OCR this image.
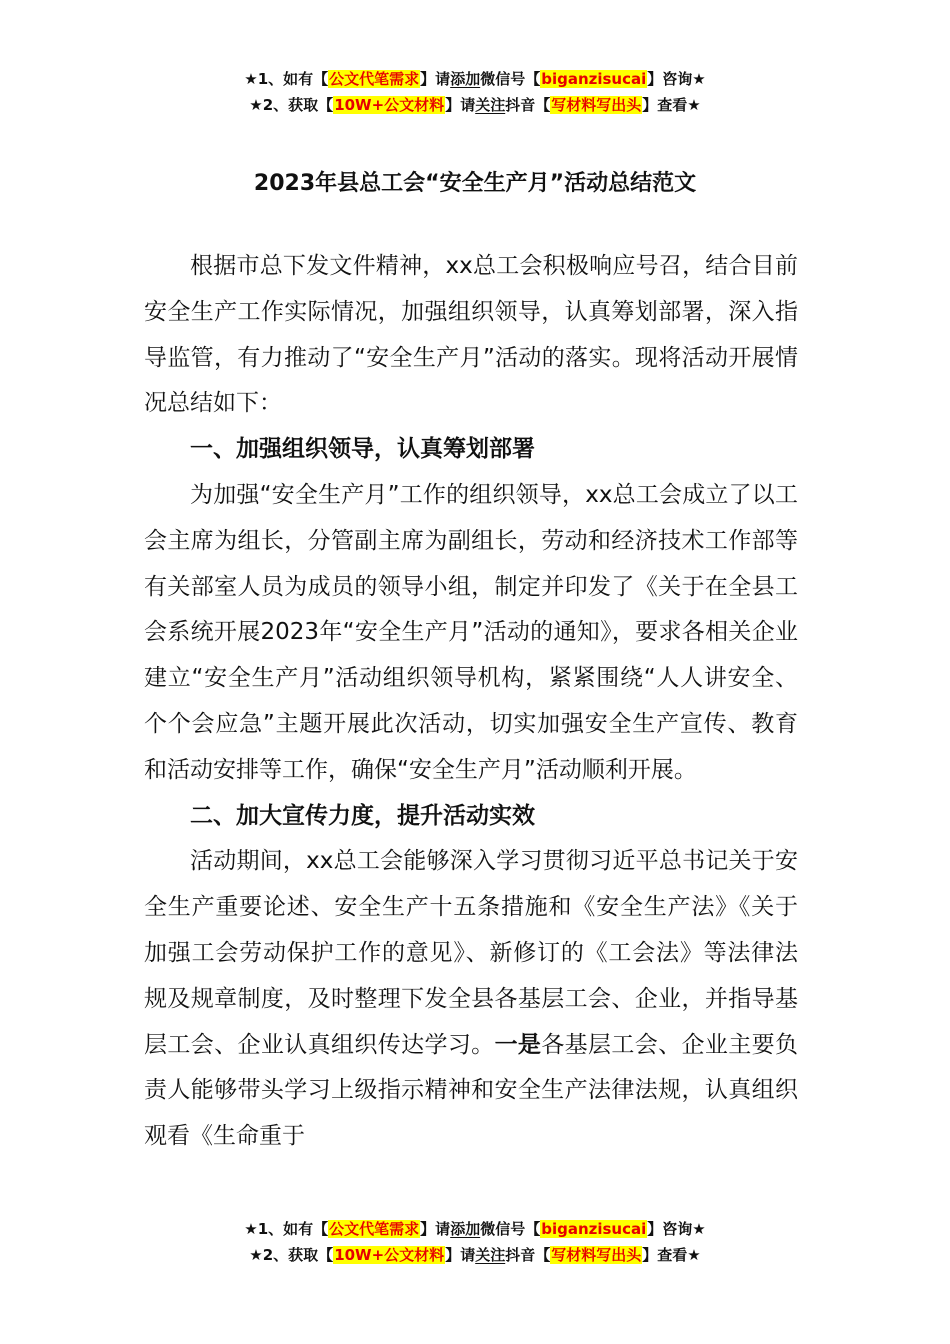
★1、如有【公文代笔需求】请添加微信号【biganzisucai】咨询★
★2、获取【10W+公文材料】请关注抖音【写材料写出头】查看★
2023年县总工会“安全生产月”活动总结范文

根据市总下发文件精神，xx总工会积极响应号召，结合目前安全生产工作实际情况，加强组织领导，认真筹划部署，深入指导监管，有力推动了“安全生产月”活动的落实。现将活动开展情况总结如下：

一、加强组织领导，认真筹划部署

为加强“安全生产月”工作的组织领导，xx总工会成立了以工会主席为组长，分管副主席为副组长，劳动和经济技术工作部等有关部室人员为成员的领导小组，制定并印发了《关于在全县工会系统开展2023年“安全生产月”活动的通知》，要求各相关企业建立“安全生产月”活动组织领导机构，紧紧围绕“人人讲安全、个个会应急”主题开展此次活动，切实加强安全生产宣传、教育和活动安排等工作，确保“安全生产月”活动顺利开展。

二、加大宣传力度，提升活动实效

活动期间，xx总工会能够深入学习贯彻习近平总书记关于安全生产重要论述、安全生产十五条措施和《安全生产法》《关于加强工会劳动保护工作的意见》、新修订的《工会法》等法律法规及规章制度，及时整理下发全县各基层工会、企业，并指导基层工会、企业认真组织传达学习。一是各基层工会、企业主要负责人能够带头学习上级指示精神和安全生产法律法规，认真组织观看《生命重于

★1、如有【公文代笔需求】请添加微信号【biganzisucai】咨询★
★2、获取【10W+公文材料】请关注抖音【写材料写出头】查看★
